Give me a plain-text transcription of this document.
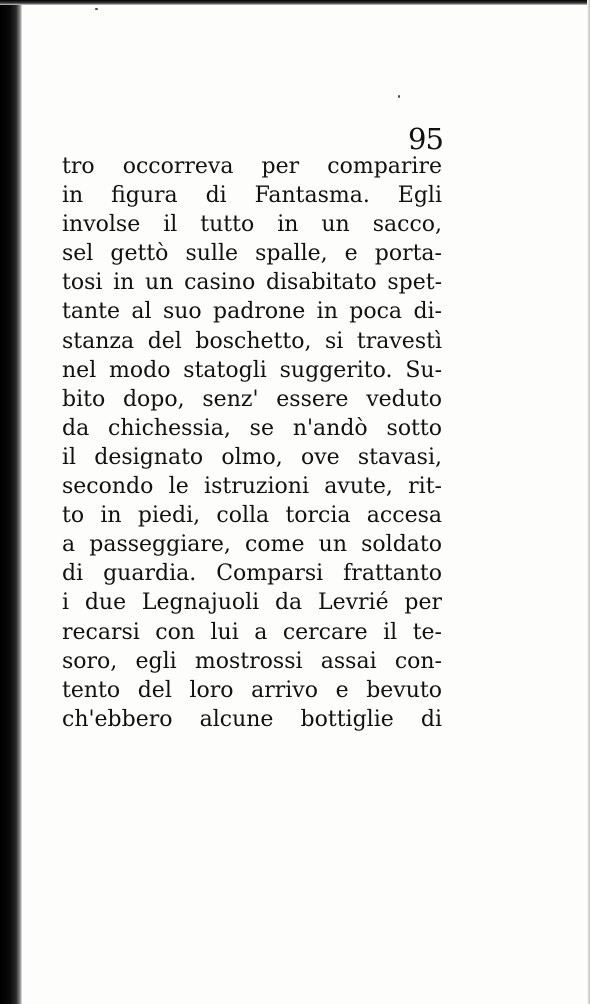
95
tro occorreva per comparire
in figura di Fantasma. Egli
involse il tutto in un sacco,
sel gettò sulle spalle, e porta-
tosi in un casino disabitato spet-
tante al suo padrone in poca di-
stanza del boschetto, si travestì
nel modo statogli suggerito. Su-
bito dopo, senz' essere veduto
da chichessia, se n'andò sotto
il designato olmo, ove stavasi,
secondo le istruzioni avute, rit-
to in piedi, colla torcia accesa
a passeggiare, come un soldato
di guardia. Comparsi frattanto
i due Legnajuoli da Levrié per
recarsi con lui a cercare il te-
soro, egli mostrossi assai con-
tento del loro arrivo e bevuto
ch'ebbero alcune bottiglie di
